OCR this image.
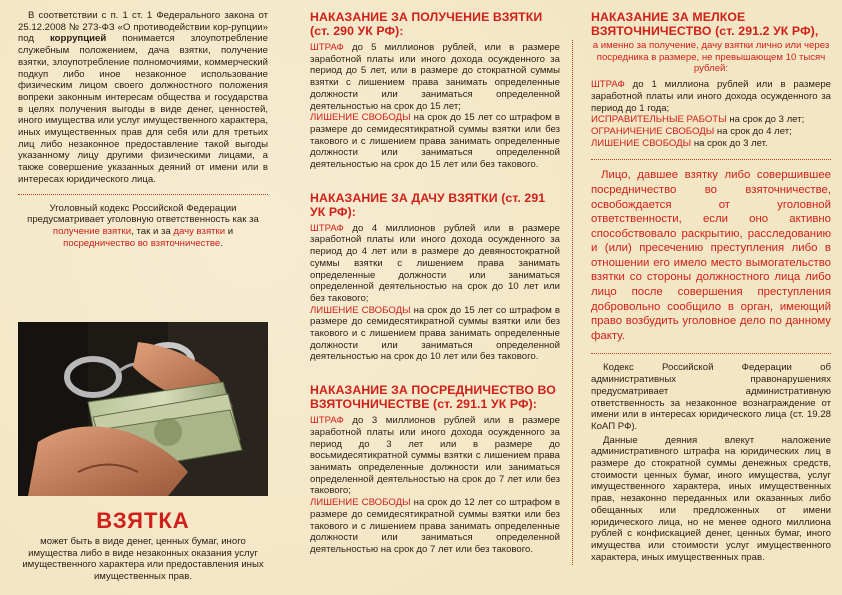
В соответствии с п. 1 ст. 1 Федерального закона от 25.12.2008 № 273-ФЗ «О противодействии кор-рупции» под коррупцией понимается злоупотребление служебным положением, дача взятки, получение взятки, злоупотребление полномочиями, коммерческий подкуп либо иное незаконное использование физическим лицом своего должностного положения вопреки законным интересам общества и государства в целях получения выгоды в виде денег, ценностей, иного имущества или услуг имущественного характера, иных имущественных прав для себя или для третьих лиц либо незаконное предоставление такой выгоды указанному лицу другими физическими лицами, а также совершение указанных деяний от имени или в интересах юридического лица.

Уголовный кодекс Российской Федерации предусматривает уголовную ответственность как за получение взятки, так и за дачу взятки и посредничество во взяточничестве.

ВЗЯТКА

может быть в виде денег, ценных бумаг, иного имущества либо в виде незаконных оказания услуг имущественного характера или предоставления иных имущественных прав.

НАКАЗАНИЕ ЗА ПОЛУЧЕНИЕ ВЗЯТКИ (ст. 290 УК РФ):

ШТРАФ до 5 миллионов рублей, или в размере заработной платы или иного дохода осужденного за период до 5 лет, или в размере до стократной суммы взятки с лишением права занимать определенные должности или заниматься определенной деятельностью на срок до 15 лет;

ЛИШЕНИЕ СВОБОДЫ на срок до 15 лет со штрафом в размере до семидесятикратной суммы взятки или без такового и с лишением права занимать определенные должности или заниматься определенной деятельностью на срок до 15 лет или без такового.

НАКАЗАНИЕ ЗА ДАЧУ ВЗЯТКИ (ст. 291 УК РФ):

ШТРАФ до 4 миллионов рублей или в размере заработной платы или иного дохода осужденного за период до 4 лет или в размере до девяностократной суммы взятки с лишением права занимать определенные должности или заниматься определенной деятельностью на срок до 10 лет или без такового;

ЛИШЕНИЕ СВОБОДЫ на срок до 15 лет со штрафом в размере до семидесятикратной суммы взятки или без такового и с лишением права занимать определенные должности или заниматься определенной деятельностью на срок до 10 лет или без такового.

НАКАЗАНИЕ ЗА ПОСРЕДНИЧЕСТВО ВО ВЗЯТОЧНИЧЕСТВЕ (ст. 291.1 УК РФ):

ШТРАФ до 3 миллионов рублей или в размере заработной платы или иного дохода осужденного за период до 3 лет или в размере до восьмидесятикратной суммы взятки с лишением права занимать определенные должности или заниматься определенной деятельностью на срок до 7 лет или без такового;

ЛИШЕНИЕ СВОБОДЫ на срок до 12 лет со штрафом в размере до семидесятикратной суммы взятки или без такового и с лишением права занимать определенные должности или заниматься определенной деятельностью на срок до 7 лет или без такового.

НАКАЗАНИЕ ЗА МЕЛКОЕ ВЗЯТОЧНИЧЕСТВО (ст. 291.2 УК РФ),

а именно за получение, дачу взятки лично или через посредника в размере, не превышающем 10 тысяч рублей:

ШТРАФ до 1 миллиона рублей или в размере заработной платы или иного дохода осужденного за период до 1 года;

ИСПРАВИТЕЛЬНЫЕ РАБОТЫ на срок до 3 лет;

ОГРАНИЧЕНИЕ СВОБОДЫ на срок до 4 лет;

ЛИШЕНИЕ СВОБОДЫ на срок до 3 лет.

Лицо, давшее взятку либо совершившее посредничество во взяточничестве, освобождается от уголовной ответственности, если оно активно способствовало раскрытию, расследованию и (или) пресечению преступления либо в отношении его имело место вымогательство взятки со стороны должностного лица либо лицо после совершения преступления добровольно сообщило в орган, имеющий право возбудить уголовное дело по данному факту.

Кодекс Российской Федерации об административных правонарушениях предусматривает административную ответственность за незаконное вознаграждение от имени или в интересах юридического лица (ст. 19.28 КоАП РФ).

Данные деяния влекут наложение административного штрафа на юридических лиц в размере до стократной суммы денежных средств, стоимости ценных бумаг, иного имущества, услуг имущественного характера, иных имущественных прав, незаконно переданных или оказанных либо обещанных или предложенных от имени юридического лица, но не менее одного миллиона рублей с конфискацией денег, ценных бумаг, иного имущества или стоимости услуг имущественного характера, иных имущественных прав.
